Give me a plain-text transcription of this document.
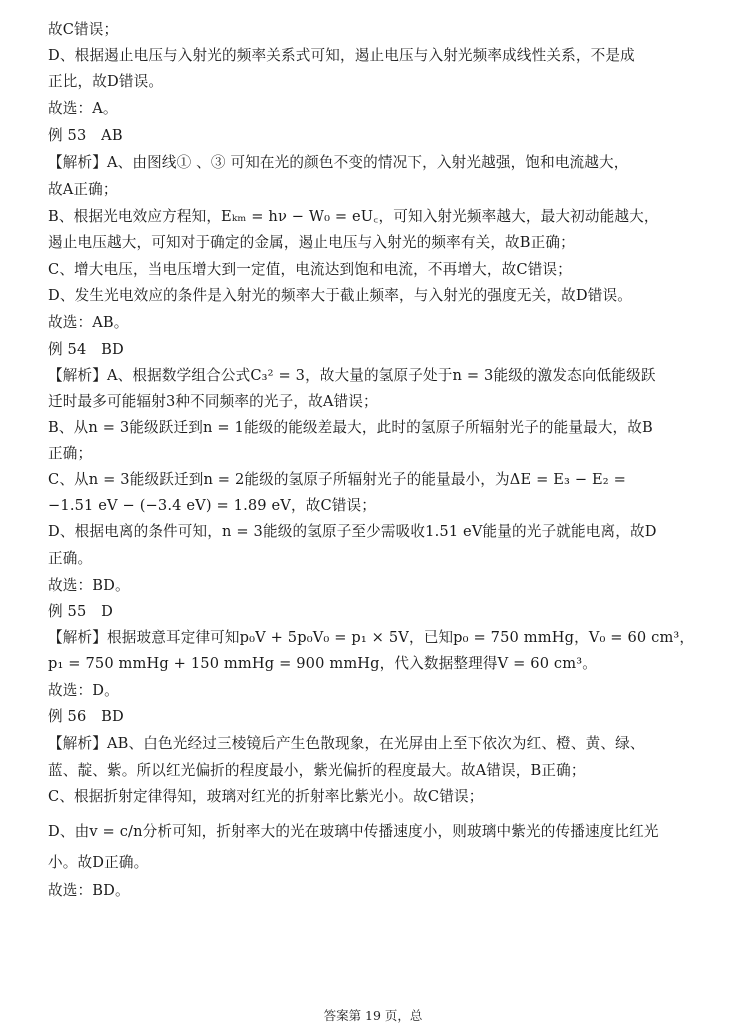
故C错误；
D、根据遏止电压与入射光的频率关系式可知，遏止电压与入射光频率成线性关系，不是成
正比，故D错误。
故选：A。
例 53　AB
【解析】A、由图线① 、③ 可知在光的颜色不变的情况下，入射光越强，饱和电流越大，
故A正确；
B、根据光电效应方程知，Eₖₘ = hν − W₀ = eU꜀，可知入射光频率越大，最大初动能越大，
遏止电压越大，可知对于确定的金属，遏止电压与入射光的频率有关，故B正确；
C、增大电压，当电压增大到一定值，电流达到饱和电流，不再增大，故C错误；
D、发生光电效应的条件是入射光的频率大于截止频率，与入射光的强度无关，故D错误。
故选：AB。
例 54　BD
【解析】A、根据数学组合公式C₃² = 3，故大量的氢原子处于n = 3能级的激发态向低能级跃
迁时最多可能辐射3种不同频率的光子，故A错误；
B、从n = 3能级跃迁到n = 1能级的能级差最大，此时的氢原子所辐射光子的能量最大，故B
正确；
C、从n = 3能级跃迁到n = 2能级的氢原子所辐射光子的能量最小，为ΔE = E₃ − E₂ =
−1.51 eV − (−3.4 eV) = 1.89 eV，故C错误；
D、根据电离的条件可知，n = 3能级的氢原子至少需吸收1.51 eV能量的光子就能电离，故D
正确。
故选：BD。
例 55　D
【解析】根据玻意耳定律可知p₀V + 5p₀V₀ = p₁ × 5V，已知p₀ = 750 mmHg，V₀ = 60 cm³，
p₁ = 750 mmHg + 150 mmHg = 900 mmHg，代入数据整理得V = 60 cm³。
故选：D。
例 56　BD
【解析】AB、白色光经过三棱镜后产生色散现象，在光屏由上至下依次为红、橙、黄、绿、
蓝、靛、紫。所以红光偏折的程度最小，紫光偏折的程度最大。故A错误，B正确；
C、根据折射定律得知，玻璃对红光的折射率比紫光小。故C错误；
D、由v = c/n分析可知，折射率大的光在玻璃中传播速度小，则玻璃中紫光的传播速度比红光
小。故D正确。
故选：BD。
答案第 19 页，总
